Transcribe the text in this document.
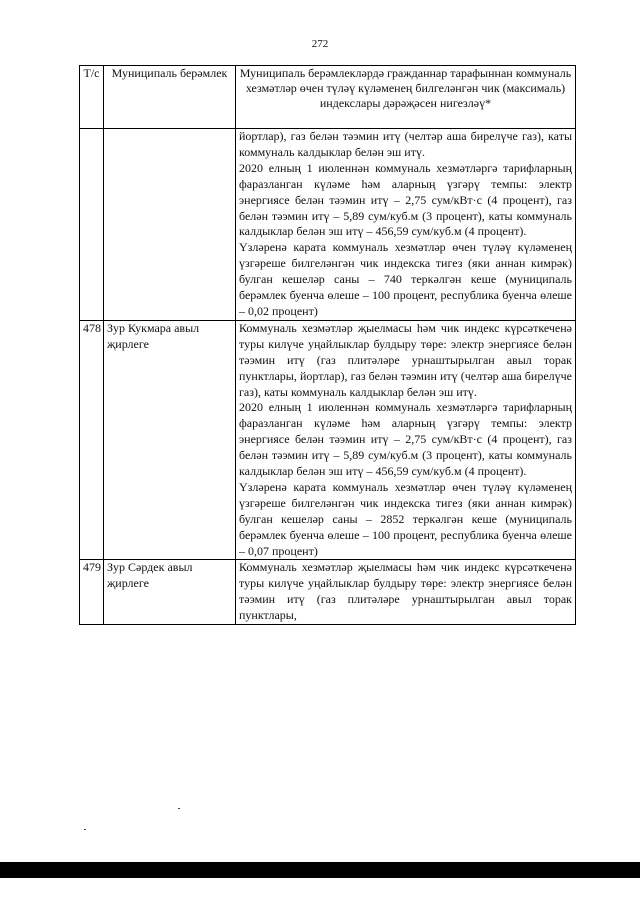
272
Т/с	Муниципаль берәмлек	Муниципаль берәмлекләрдә гражданнар тарафыннан коммуналь хезмәтләр өчен түләү күләменең билгеләнгән чик (максималь) индекслары дәрәҗәсен нигезләү*

		йортлар), газ белән тәэмин итү (челтәр аша бирелүче газ), каты коммуналь калдыклар белән эш итү.
2020 елның 1 июленнән коммуналь хезмәтләргә тарифларның фаразланган күләме һәм аларның үзгәрү темпы: электр энергиясе белән тәэмин итү – 2,75 сум/кВт·с (4 процент), газ белән тәэмин итү – 5,89 сум/куб.м (3 процент), каты коммуналь калдыклар белән эш итү – 456,59 сум/куб.м (4 процент).
Үзләренә карата коммуналь хезмәтләр өчен түләү күләменең үзгәреше билгеләнгән чик индекска тигез (яки аннан кимрәк) булган кешеләр саны – 740 теркәлгән кеше (муниципаль берәмлек буенча өлеше – 100 процент, республика буенча өлеше – 0,02 процент)

478	Зур Кукмара авыл җирлеге	Коммуналь хезмәтләр җыелмасы һәм чик индекс күрсәткеченә туры килүче уңайлыклар булдыру төре: электр энергиясе белән тәэмин итү (газ плитәләре урнаштырылган авыл торак пунктлары, йортлар), газ белән тәэмин итү (челтәр аша бирелүче газ), каты коммуналь калдыклар белән эш итү.
2020 елның 1 июленнән коммуналь хезмәтләргә тарифларның фаразланган күләме һәм аларның үзгәрү темпы: электр энергиясе белән тәэмин итү – 2,75 сум/кВт·с (4 процент), газ белән тәэмин итү – 5,89 сум/куб.м (3 процент), каты коммуналь калдыклар белән эш итү – 456,59 сум/куб.м (4 процент).
Үзләренә карата коммуналь хезмәтләр өчен түләү күләменең үзгәреше билгеләнгән чик индекска тигез (яки аннан кимрәк) булган кешеләр саны – 2852 теркәлгән кеше (муниципаль берәмлек буенча өлеше – 100 процент, республика буенча өлеше – 0,07 процент)

479	Зур Сәрдек авыл җирлеге	Коммуналь хезмәтләр җыелмасы һәм чик индекс күрсәткеченә туры килүче уңайлыклар булдыру төре: электр энергиясе белән тәэмин итү (газ плитәләре урнаштырылган авыл торак пунктлары,
